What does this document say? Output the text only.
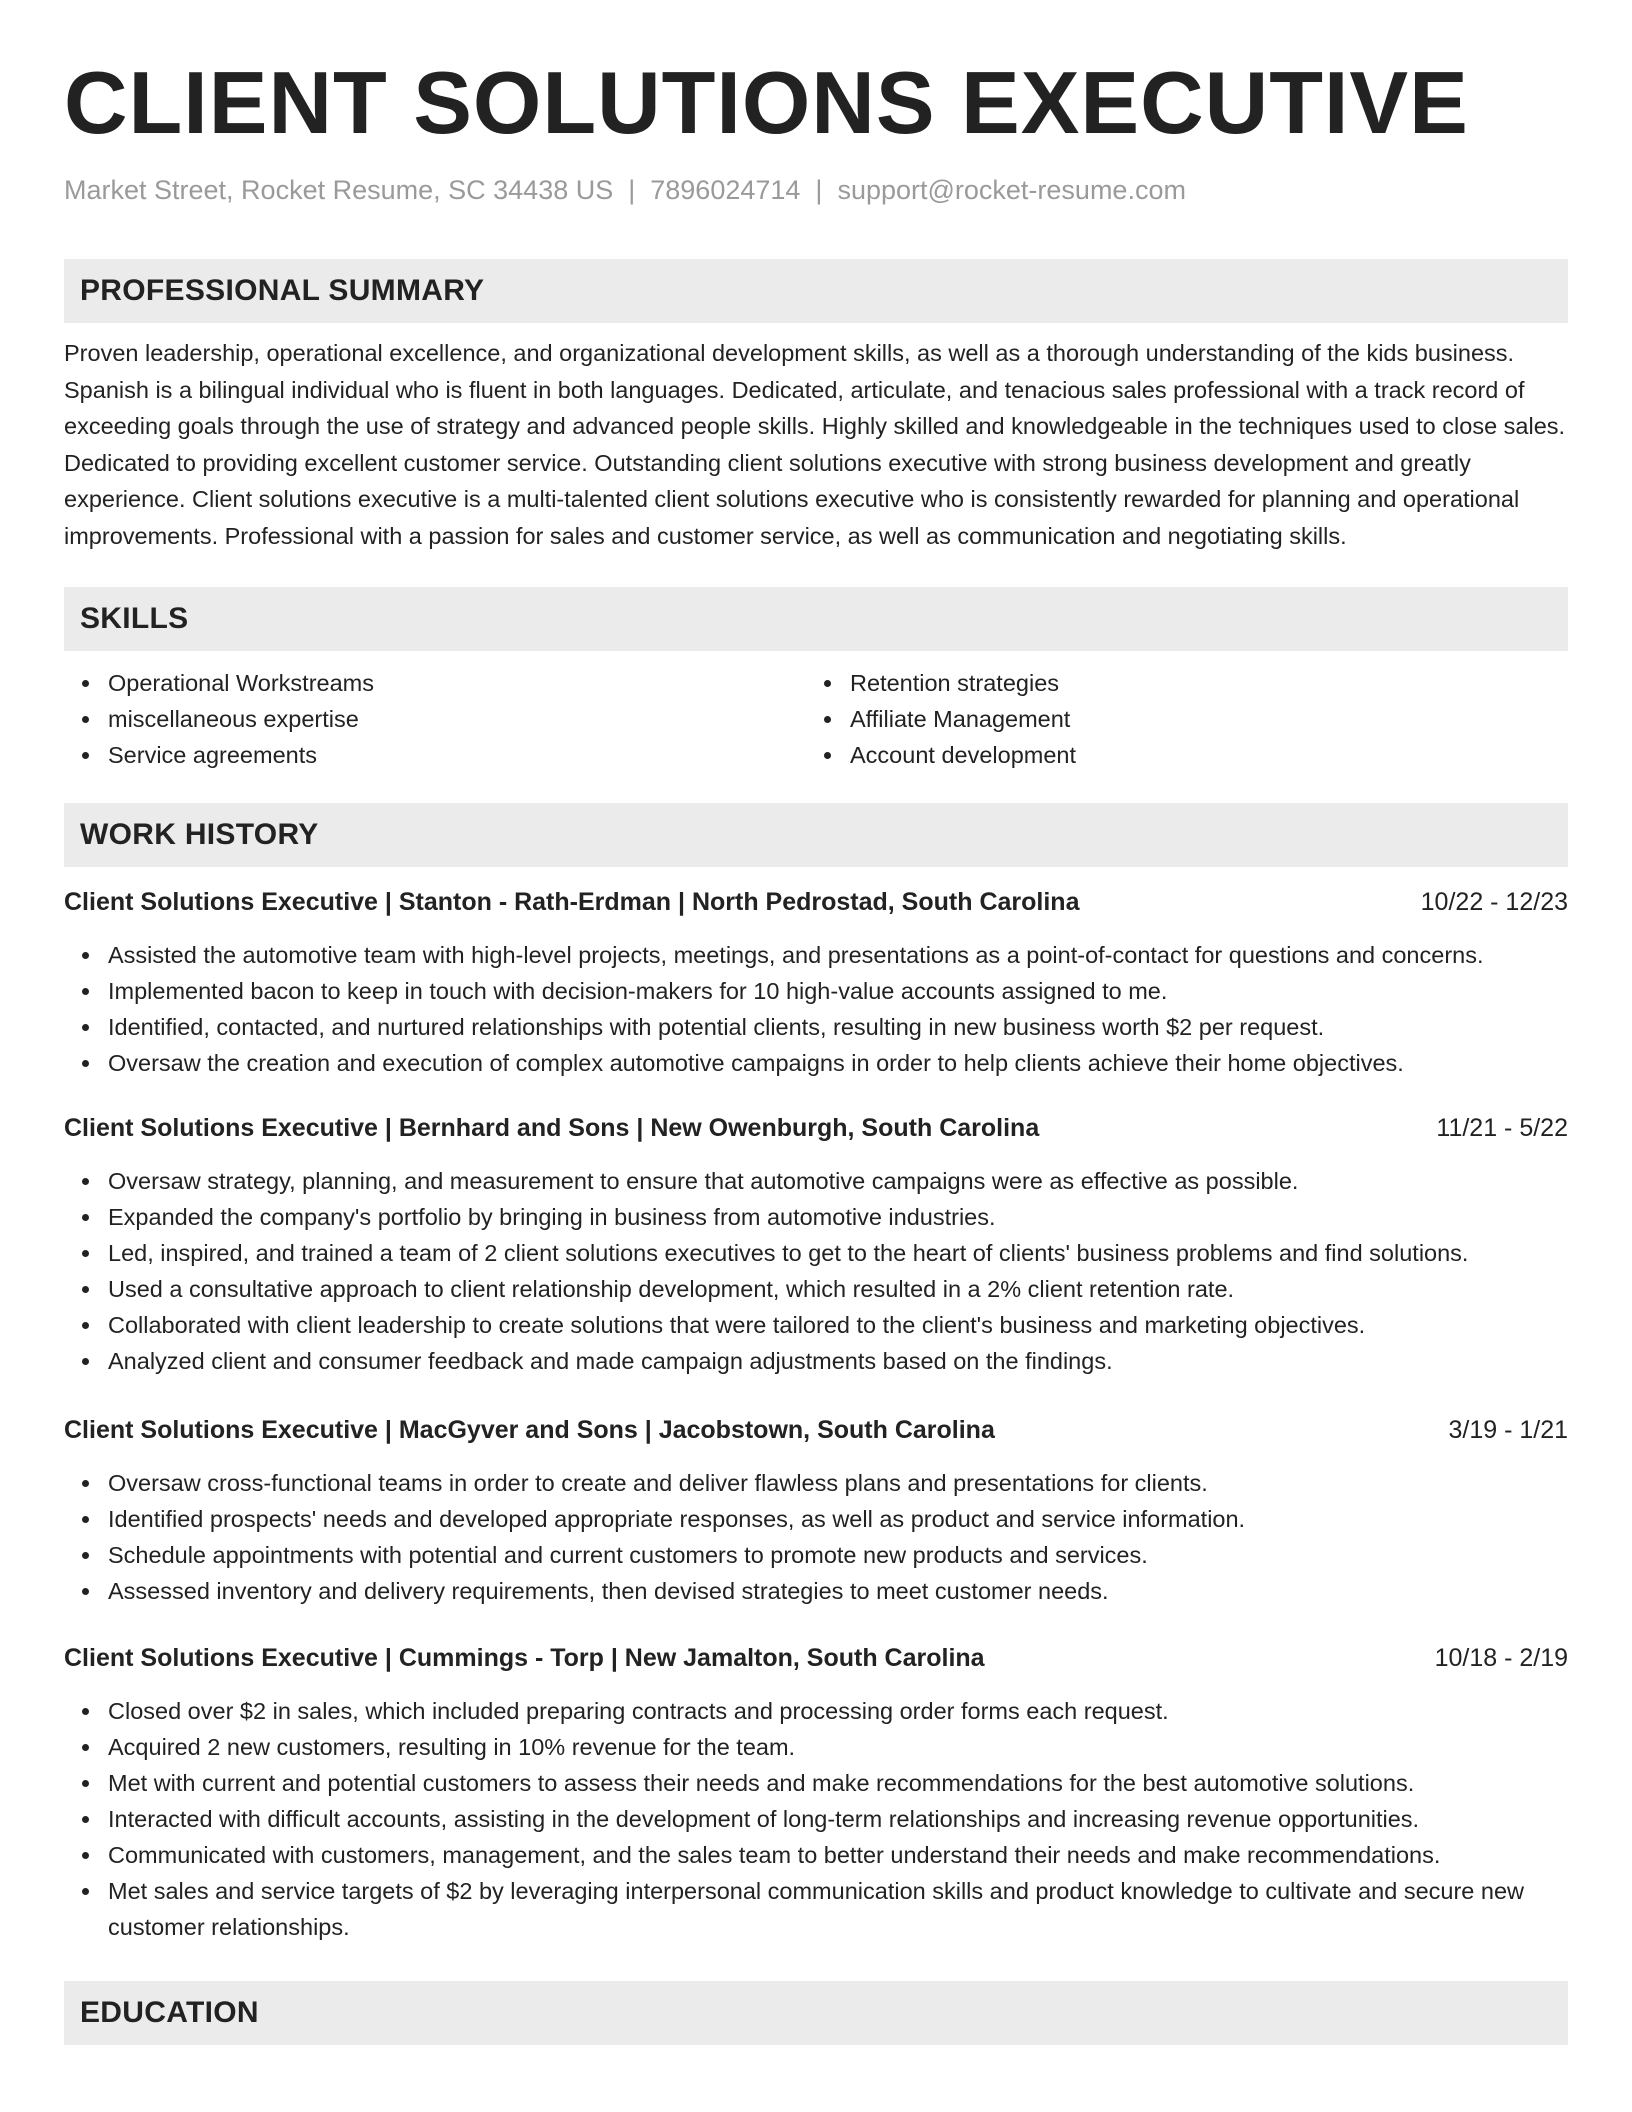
CLIENT SOLUTIONS EXECUTIVE
Market Street, Rocket Resume, SC 34438 US | 7896024714 | support@rocket-resume.com
PROFESSIONAL SUMMARY
Proven leadership, operational excellence, and organizational development skills, as well as a thorough understanding of the kids business. Spanish is a bilingual individual who is fluent in both languages. Dedicated, articulate, and tenacious sales professional with a track record of exceeding goals through the use of strategy and advanced people skills. Highly skilled and knowledgeable in the techniques used to close sales. Dedicated to providing excellent customer service. Outstanding client solutions executive with strong business development and greatly experience. Client solutions executive is a multi-talented client solutions executive who is consistently rewarded for planning and operational improvements. Professional with a passion for sales and customer service, as well as communication and negotiating skills.
SKILLS
Operational Workstreams
miscellaneous expertise
Service agreements
Retention strategies
Affiliate Management
Account development
WORK HISTORY
Client Solutions Executive | Stanton - Rath-Erdman | North Pedrostad, South Carolina	10/22 - 12/23
Assisted the automotive team with high-level projects, meetings, and presentations as a point-of-contact for questions and concerns.
Implemented bacon to keep in touch with decision-makers for 10 high-value accounts assigned to me.
Identified, contacted, and nurtured relationships with potential clients, resulting in new business worth $2 per request.
Oversaw the creation and execution of complex automotive campaigns in order to help clients achieve their home objectives.
Client Solutions Executive | Bernhard and Sons | New Owenburgh, South Carolina	11/21 - 5/22
Oversaw strategy, planning, and measurement to ensure that automotive campaigns were as effective as possible.
Expanded the company's portfolio by bringing in business from automotive industries.
Led, inspired, and trained a team of 2 client solutions executives to get to the heart of clients' business problems and find solutions.
Used a consultative approach to client relationship development, which resulted in a 2% client retention rate.
Collaborated with client leadership to create solutions that were tailored to the client's business and marketing objectives.
Analyzed client and consumer feedback and made campaign adjustments based on the findings.
Client Solutions Executive | MacGyver and Sons | Jacobstown, South Carolina	3/19 - 1/21
Oversaw cross-functional teams in order to create and deliver flawless plans and presentations for clients.
Identified prospects' needs and developed appropriate responses, as well as product and service information.
Schedule appointments with potential and current customers to promote new products and services.
Assessed inventory and delivery requirements, then devised strategies to meet customer needs.
Client Solutions Executive | Cummings - Torp | New Jamalton, South Carolina	10/18 - 2/19
Closed over $2 in sales, which included preparing contracts and processing order forms each request.
Acquired 2 new customers, resulting in 10% revenue for the team.
Met with current and potential customers to assess their needs and make recommendations for the best automotive solutions.
Interacted with difficult accounts, assisting in the development of long-term relationships and increasing revenue opportunities.
Communicated with customers, management, and the sales team to better understand their needs and make recommendations.
Met sales and service targets of $2 by leveraging interpersonal communication skills and product knowledge to cultivate and secure new customer relationships.
EDUCATION
